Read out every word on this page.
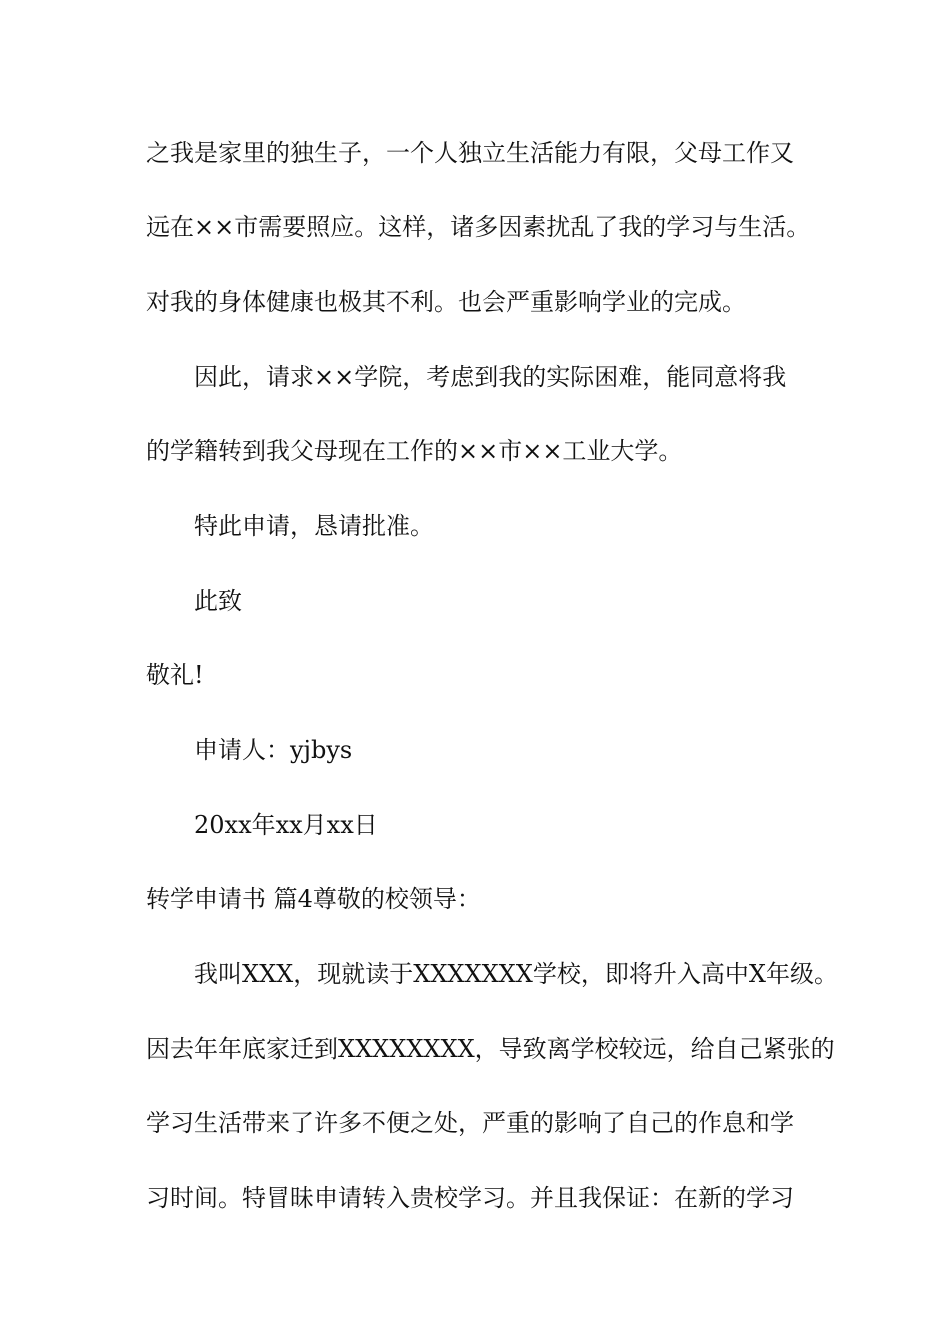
之我是家里的独生子，一个人独立生活能力有限，父母工作又
远在××市需要照应。这样，诸多因素扰乱了我的学习与生活。
对我的身体健康也极其不利。也会严重影响学业的完成。
因此，请求××学院，考虑到我的实际困难，能同意将我
的学籍转到我父母现在工作的××市××工业大学。
特此申请，恳请批准。
此致
敬礼!
申请人：yjbys
20xx年xx月xx日
转学申请书 篇4尊敬的校领导：
我叫XXX，现就读于XXXXXXX学校，即将升入高中X年级。
因去年年底家迁到XXXXXXXX，导致离学校较远，给自己紧张的
学习生活带来了许多不便之处，严重的影响了自己的作息和学
习时间。特冒昧申请转入贵校学习。并且我保证：在新的学习
